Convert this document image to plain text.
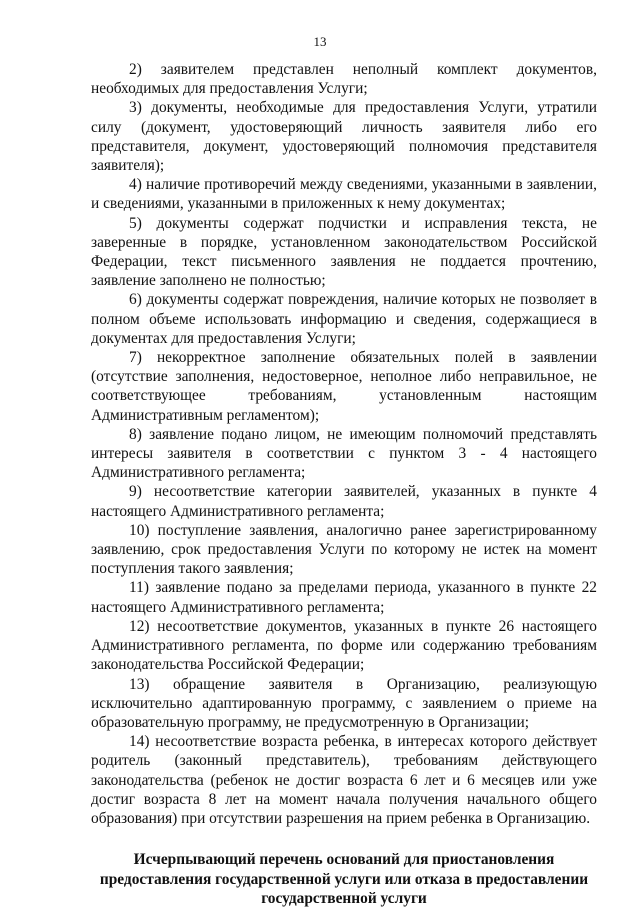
13

2) заявителем представлен неполный комплект документов, необходимых для предоставления Услуги;

3) документы, необходимые для предоставления Услуги, утратили силу (документ, удостоверяющий личность заявителя либо его представителя, документ, удостоверяющий полномочия представителя заявителя);

4) наличие противоречий между сведениями, указанными в заявлении, и сведениями, указанными в приложенных к нему документах;

5) документы содержат подчистки и исправления текста, не заверенные в порядке, установленном законодательством Российской Федерации, текст письменного заявления не поддается прочтению, заявление заполнено не полностью;

6) документы содержат повреждения, наличие которых не позволяет в полном объеме использовать информацию и сведения, содержащиеся в документах для предоставления Услуги;

7) некорректное заполнение обязательных полей в заявлении (отсутствие заполнения, недостоверное, неполное либо неправильное, не соответствующее требованиям, установленным настоящим Административным регламентом);

8) заявление подано лицом, не имеющим полномочий представлять интересы заявителя в соответствии с пунктом 3 - 4 настоящего Административного регламента;

9) несоответствие категории заявителей, указанных в пункте 4 настоящего Административного регламента;

10) поступление заявления, аналогично ранее зарегистрированному заявлению, срок предоставления Услуги по которому не истек на момент поступления такого заявления;

11) заявление подано за пределами периода, указанного в пункте 22 настоящего Административного регламента;

12) несоответствие документов, указанных в пункте 26 настоящего Административного регламента, по форме или содержанию требованиям законодательства Российской Федерации;

13) обращение заявителя в Организацию, реализующую исключительно адаптированную программу, с заявлением о приеме на образовательную программу, не предусмотренную в Организации;

14) несоответствие возраста ребенка, в интересах которого действует родитель (законный представитель), требованиям действующего законодательства (ребенок не достиг возраста 6 лет и 6 месяцев или уже достиг возраста 8 лет на момент начала получения начального общего образования) при отсутствии разрешения на прием ребенка в Организацию.

Исчерпывающий перечень оснований для приостановления предоставления государственной услуги или отказа в предоставлении государственной услуги
